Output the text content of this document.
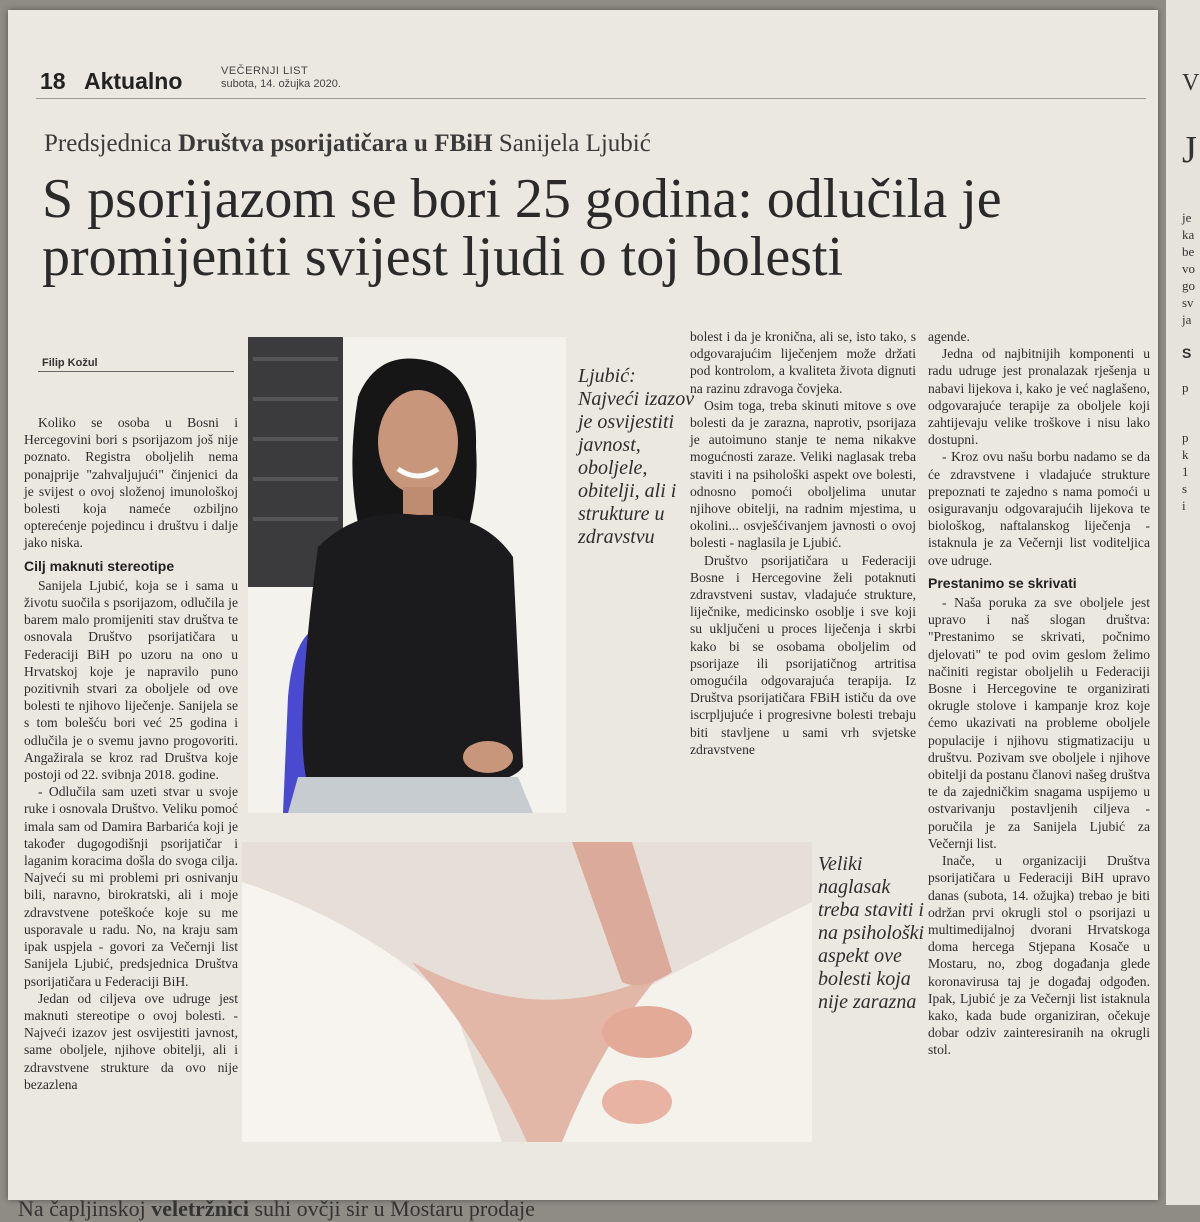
18 Aktualno	VEČERNJI LIST
subota, 14. ožujka 2020.
Predsjednica Društva psorijatičara u FBiH Sanijela Ljubić
S psorijazom se bori 25 godina: odlučila je promijeniti svijest ljudi o toj bolesti
Filip Kožul

Koliko se osoba u Bosni i Hercegovini bori s psorijazom još nije poznato. Registra oboljelih nema ponajprije "zahvaljujući" činjenici da je svijest o ovoj složenoj imunološkoj bolesti koja nameće ozbiljno opterećenje pojedincu i društvu i dalje jako niska.

Cilj maknuti stereotipe

Sanijela Ljubić, koja se i sama u životu suočila s psorijazom, odlučila je barem malo promijeniti stav društva te osnovala Društvo psorijatičara u Federaciji BiH po uzoru na ono u Hrvatskoj koje je napravilo puno pozitivnih stvari za oboljele od ove bolesti te njihovo liječenje. Sanijela se s tom bolešću bori već 25 godina i odlučila je o svemu javno progovoriti. Angažirala se kroz rad Društva koje postoji od 22. svibnja 2018. godine.

- Odlučila sam uzeti stvar u svoje ruke i osnovala Društvo. Veliku pomoć imala sam od Damira Barbarića koji je također dugogodišnji psorijatičar i laganim koracima došla do svoga cilja. Najveći su mi problemi pri osnivanju bili, naravno, birokratski, ali i moje zdravstvene poteškoće koje su me usporavale u radu. No, na kraju sam ipak uspjela - govori za Večernji list Sanijela Ljubić, predsjednica Društva psorijatičara u Federaciji BiH.

Jedan od ciljeva ove udruge jest maknuti stereotipe o ovoj bolesti. - Najveći izazov jest osvijestiti javnost, same oboljele, njihove obitelji, ali i zdravstvene strukture da ovo nije bezazlena

Ljubić: Najveći izazov je osvijestiti javnost, oboljele, obitelji, ali i strukture u zdravstvu

bolest i da je kronična, ali se, isto tako, s odgovarajućim liječenjem može držati pod kontrolom, a kvaliteta života dignuti na razinu zdravoga čovjeka.

Osim toga, treba skinuti mitove s ove bolesti da je zarazna, naprotiv, psorijaza je autoimuno stanje te nema nikakve mogućnosti zaraze. Veliki naglasak treba staviti i na psihološki aspekt ove bolesti, odnosno pomoći oboljelima unutar njihove obitelji, na radnim mjestima, u okolini... osvješćivanjem javnosti o ovoj bolesti - naglasila je Ljubić.

Društvo psorijatičara u Federaciji Bosne i Hercegovine želi potaknuti zdravstveni sustav, vladajuće strukture, liječnike, medicinsko osoblje i sve koji su uključeni u proces liječenja i skrbi kako bi se osobama oboljelim od psorijaze ili psorijatičnog artritisa omogućila odgovarajuća terapija. Iz Društva psorijatičara FBiH ističu da ove iscrpljujuće i progresivne bolesti trebaju biti stavljene u sami vrh svjetske zdravstvene

agende.

Jedna od najbitnijih komponenti u radu udruge jest pronalazak rješenja u nabavi lijekova i, kako je već naglašeno, odgovarajuće terapije za oboljele koji zahtijevaju velike troškove i nisu lako dostupni.

- Kroz ovu našu borbu nadamo se da će zdravstvene i vladajuće strukture prepoznati te zajedno s nama pomoći u osiguravanju odgovarajućih lijekova te biološkog, naftalanskog liječenja - istaknula je za Večernji list voditeljica ove udruge.

Prestanimo se skrivati

- Naša poruka za sve oboljele jest upravo i naš slogan društva: "Prestanimo se skrivati, počnimo djelovati" te pod ovim geslom želimo načiniti registar oboljelih u Federaciji Bosne i Hercegovine te organizirati okrugle stolove i kampanje kroz koje ćemo ukazivati na probleme oboljele populacije i njihovu stigmatizaciju u društvu. Pozivam sve oboljele i njihove obitelji da postanu članovi našeg društva te da zajedničkim snagama uspijemo u ostvarivanju postavljenih ciljeva - poručila je za Sanijela Ljubić za Večernji list.

Inače, u organizaciji Društva psorijatičara u Federaciji BiH upravo danas (subota, 14. ožujka) trebao je biti održan prvi okrugli stol o psorijazi u multimedijalnoj dvorani Hrvatskoga doma hercega Stjepana Kosače u Mostaru, no, zbog događanja glede koronavirusa taj je događaj odgođen. Ipak, Ljubić je za Večernji list istaknula kako, kada bude organiziran, očekuje dobar odziv zainteresiranih na okrugli stol.

Veliki naglasak treba staviti i na psihološki aspekt ove bolesti koja nije zarazna
Na čapljinskoj veletržnici suhi ovčji sir u Mostaru prodaje
V
J
je
ka
be
vo
go
sv
ja
S
p
p
k
1
s
i
